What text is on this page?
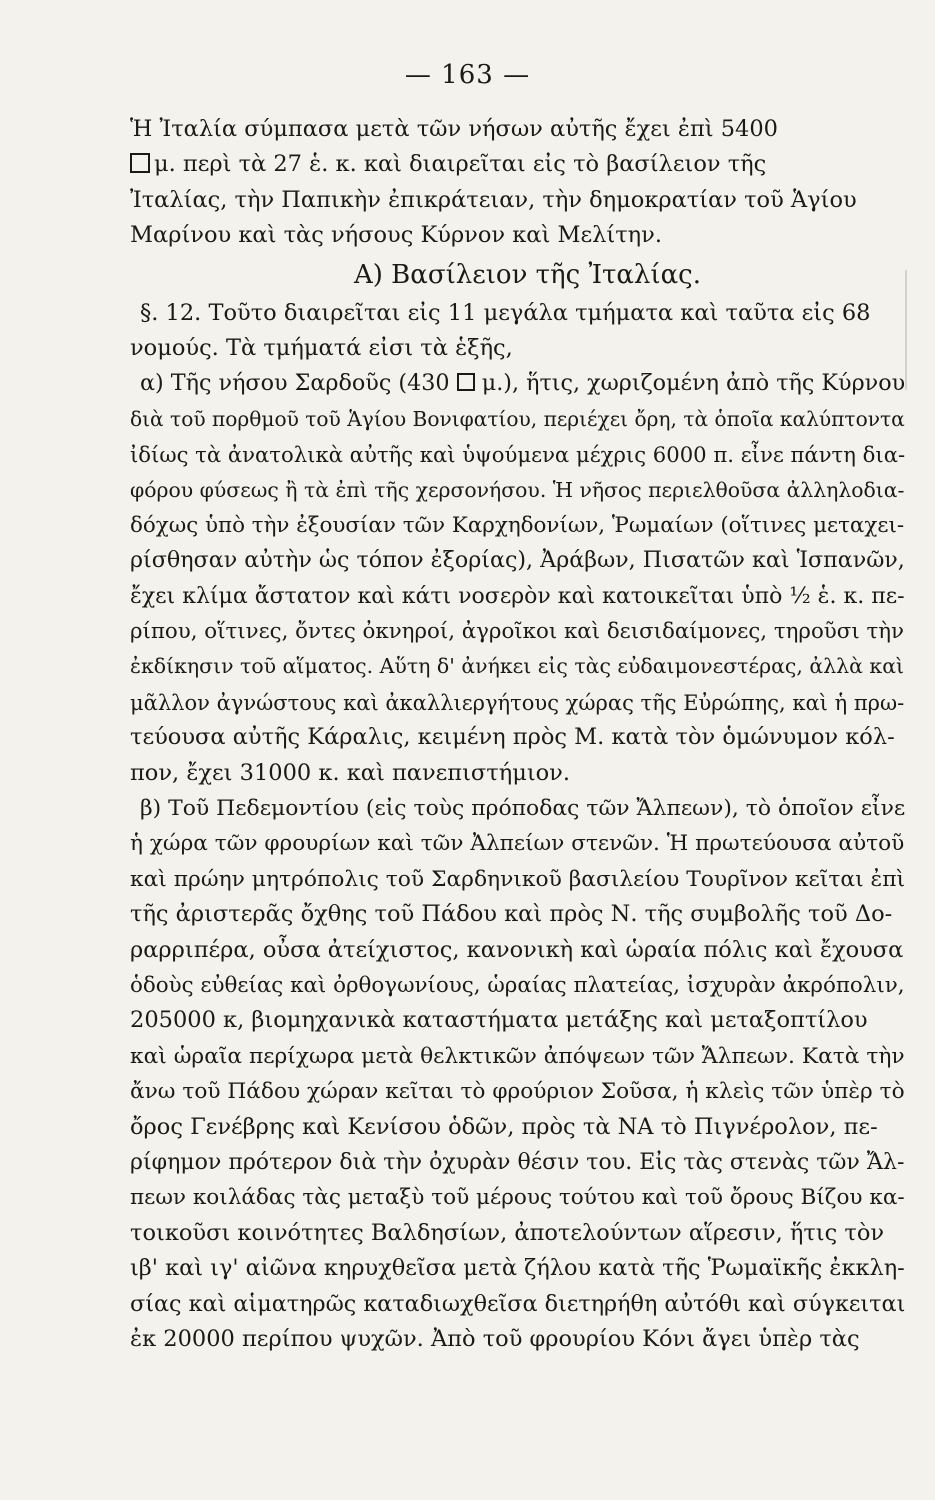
— 163 —
Ἡ Ἰταλία σύμπασα μετὰ τῶν νήσων αὐτῆς ἔχει ἐπὶ 5400
μ. περὶ τὰ 27 ἑ. κ. καὶ διαιρεῖται εἰς τὸ βασίλειον τῆς
Ἰταλίας, τὴν Παπικὴν ἐπικράτειαν, τὴν δημοκρατίαν τοῦ Ἁγίου
Μαρίνου καὶ τὰς νήσους Κύρνον καὶ Μελίτην.
Α) Βασίλειον τῆς Ἰταλίας.
§. 12. Τοῦτο διαιρεῖται εἰς 11 μεγάλα τμήματα καὶ ταῦτα εἰς 68
νομούς. Τὰ τμήματά εἰσι τὰ ἑξῆς,
α) Τῆς νήσου Σαρδοῦς (430  μ.), ἥτις, χωριζομένη ἀπὸ τῆς Κύρνου
διὰ τοῦ πορθμοῦ τοῦ Ἁγίου Βονιφατίου, περιέχει ὄρη, τὰ ὁποῖα καλύπτοντα
ἰδίως τὰ ἀνατολικὰ αὐτῆς καὶ ὑψούμενα μέχρις 6000 π. εἶνε πάντη δια-
φόρου φύσεως ἢ τὰ ἐπὶ τῆς χερσονήσου. Ἡ νῆσος περιελθοῦσα ἀλληλοδια-
δόχως ὑπὸ τὴν ἐξουσίαν τῶν Καρχηδονίων, Ῥωμαίων (οἵτινες μεταχει-
ρίσθησαν αὐτὴν ὡς τόπον ἐξορίας), Ἀράβων, Πισατῶν καὶ Ἱσπανῶν,
ἔχει κλίμα ἄστατον καὶ κάτι νοσερὸν καὶ κατοικεῖται ὑπὸ ½ ἑ. κ. πε-
ρίπου, οἵτινες, ὄντες ὀκνηροί, ἀγροῖκοι καὶ δεισιδαίμονες, τηροῦσι τὴν
ἐκδίκησιν τοῦ αἵματος. Αὕτη δ' ἀνήκει εἰς τὰς εὐδαιμονεστέρας, ἀλλὰ καὶ
μᾶλλον ἀγνώστους καὶ ἀκαλλιεργήτους χώρας τῆς Εὐρώπης, καὶ ἡ πρω-
τεύουσα αὐτῆς Κάραλις, κειμένη πρὸς Μ. κατὰ τὸν ὁμώνυμον κόλ-
πον, ἔχει 31000 κ. καὶ πανεπιστήμιον.
β) Τοῦ Πεδεμοντίου (εἰς τοὺς πρόποδας τῶν Ἄλπεων), τὸ ὁποῖον εἶνε
ἡ χώρα τῶν φρουρίων καὶ τῶν Ἀλπείων στενῶν. Ἡ πρωτεύουσα αὐτοῦ
καὶ πρώην μητρόπολις τοῦ Σαρδηνικοῦ βασιλείου Τουρῖνον κεῖται ἐπὶ
τῆς ἀριστερᾶς ὄχθης τοῦ Πάδου καὶ πρὸς Ν. τῆς συμβολῆς τοῦ Δο-
ραρριπέρα, οὖσα ἀτείχιστος, κανονικὴ καὶ ὡραία πόλις καὶ ἔχουσα
ὁδοὺς εὐθείας καὶ ὀρθογωνίους, ὡραίας πλατείας, ἰσχυρὰν ἀκρόπολιν,
205000 κ, βιομηχανικὰ καταστήματα μετάξης καὶ μεταξοπτίλου
καὶ ὡραῖα περίχωρα μετὰ θελκτικῶν ἀπόψεων τῶν Ἄλπεων. Κατὰ τὴν
ἄνω τοῦ Πάδου χώραν κεῖται τὸ φρούριον Σοῦσα, ἡ κλεὶς τῶν ὑπὲρ τὸ
ὄρος Γενέβρης καὶ Κενίσου ὁδῶν, πρὸς τὰ ΝΑ τὸ Πιγνέρολον, πε-
ρίφημον πρότερον διὰ τὴν ὀχυρὰν θέσιν του. Εἰς τὰς στενὰς τῶν Ἄλ-
πεων κοιλάδας τὰς μεταξὺ τοῦ μέρους τούτου καὶ τοῦ ὄρους Βίζου κα-
τοικοῦσι κοινότητες Βαλδησίων, ἀποτελούντων αἵρεσιν, ἥτις τὸν
ιβ' καὶ ιγ' αἰῶνα κηρυχθεῖσα μετὰ ζήλου κατὰ τῆς Ῥωμαϊκῆς ἐκκλη-
σίας καὶ αἱματηρῶς καταδιωχθεῖσα διετηρήθη αὐτόθι καὶ σύγκειται
ἐκ 20000 περίπου ψυχῶν. Ἀπὸ τοῦ φρουρίου Κόνι ἄγει ὑπὲρ τὰς
